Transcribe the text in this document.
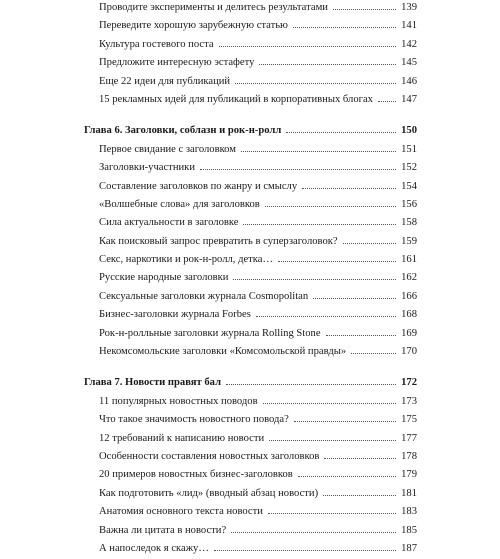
Проводите эксперименты и делитесь результатами	139
Переведите хорошую зарубежную статью	141
Культура гостевого поста	142
Предложите интересную эстафету	145
Еще 22 идеи для публикаций	146
15 рекламных идей для публикаций в корпоративных блогах	147
Глава 6. Заголовки, соблазн и рок-н-ролл	150
Первое свидание с заголовком	151
Заголовки-участники	152
Составление заголовков по жанру и смыслу	154
«Волшебные слова» для заголовков	156
Сила актуальности в заголовке	158
Как поисковый запрос превратить в суперзаголовок?	159
Секс, наркотики и рок-н-ролл, детка…	161
Русские народные заголовки	162
Сексуальные заголовки журнала Cosmopolitan	166
Бизнес-заголовки журнала Forbes	168
Рок-н-ролльные заголовки журнала Rolling Stone	169
Некомсомольские заголовки «Комсомольской правды»	170
Глава 7. Новости правят бал	172
11 популярных новостных поводов	173
Что такое значимость новостного повода?	175
12 требований к написанию новости	177
Особенности составления новостных заголовков	178
20 примеров новостных бизнес-заголовков	179
Как подготовить «лид» (вводный абзац новости)	181
Анатомия основного текста новости	183
Важна ли цитата в новости?	185
А напоследок я скажу…	187
